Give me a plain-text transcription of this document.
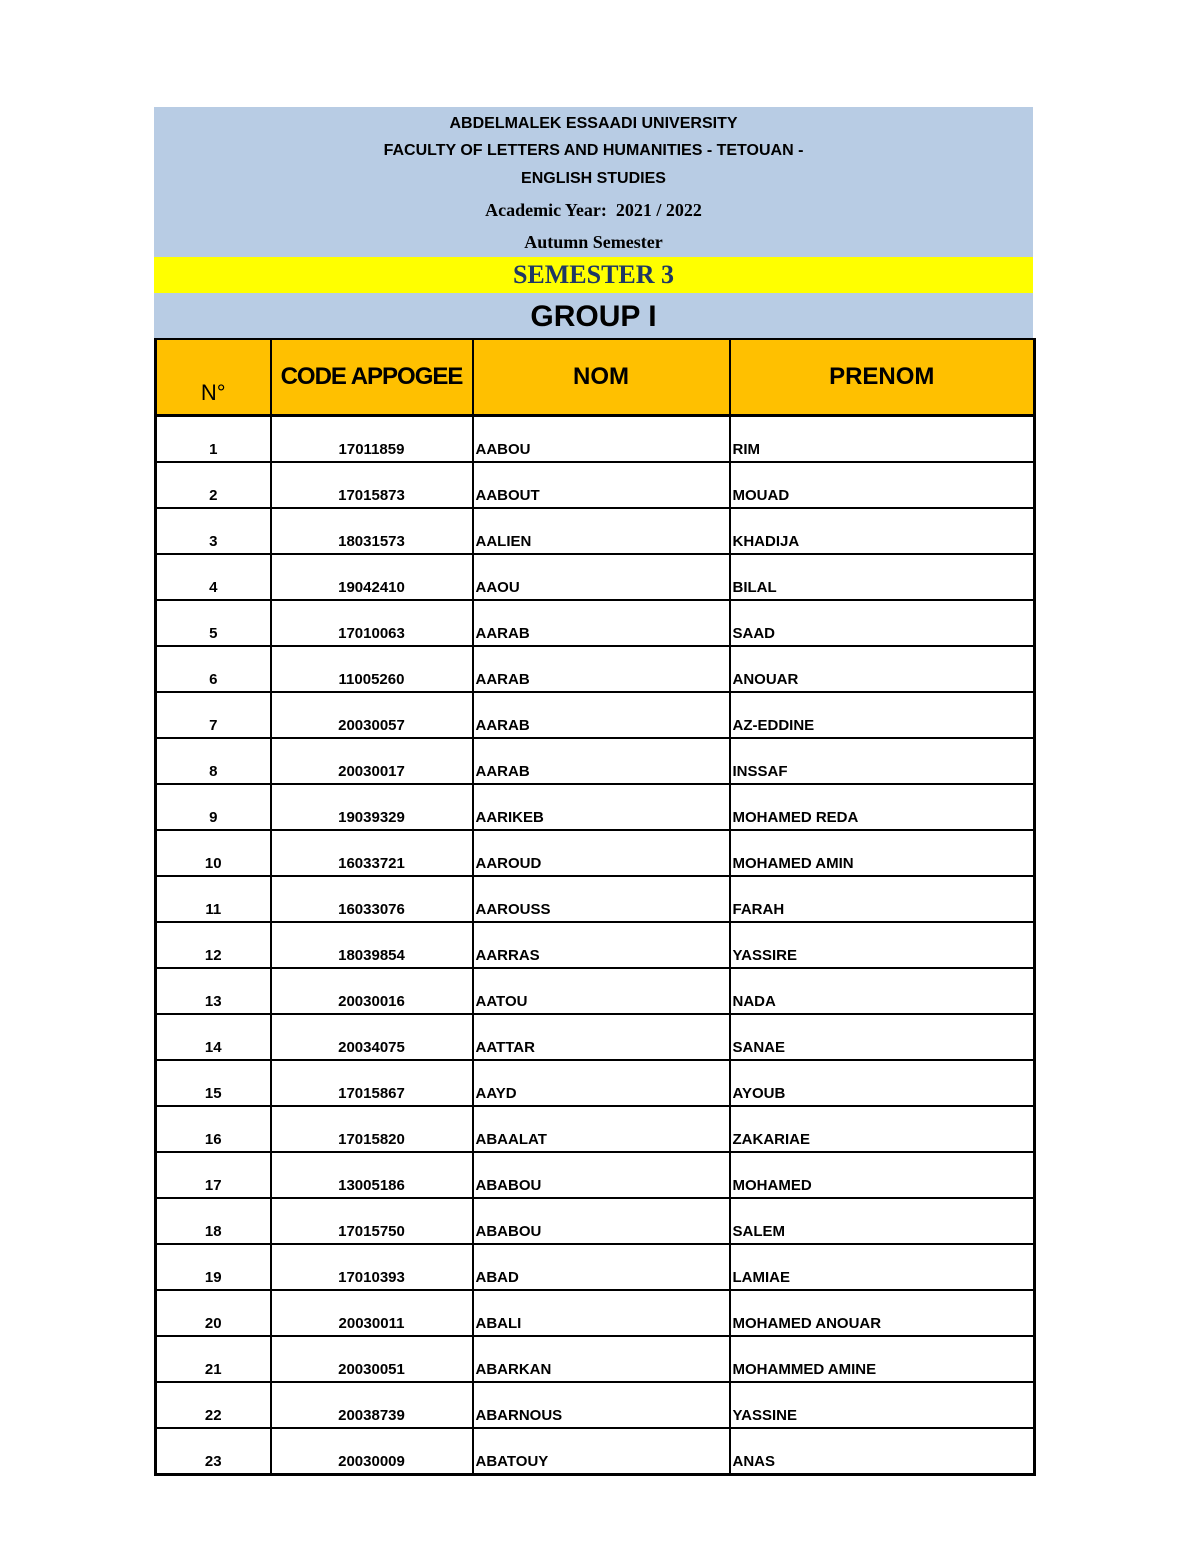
ABDELMALEK ESSAADI UNIVERSITY
FACULTY OF LETTERS AND HUMANITIES - TETOUAN -
ENGLISH STUDIES
Academic Year:  2021 / 2022
Autumn Semester
SEMESTER 3
GROUP I
N°	CODE APPOGEE	NOM	PRENOM
1	17011859	AABOU	RIM
2	17015873	AABOUT	MOUAD
3	18031573	AALIEN	KHADIJA
4	19042410	AAOU	BILAL
5	17010063	AARAB	SAAD
6	11005260	AARAB	ANOUAR
7	20030057	AARAB	AZ-EDDINE
8	20030017	AARAB	INSSAF
9	19039329	AARIKEB	MOHAMED REDA
10	16033721	AAROUD	MOHAMED AMIN
11	16033076	AAROUSS	FARAH
12	18039854	AARRAS	YASSIRE
13	20030016	AATOU	NADA
14	20034075	AATTAR	SANAE
15	17015867	AAYD	AYOUB
16	17015820	ABAALAT	ZAKARIAE
17	13005186	ABABOU	MOHAMED
18	17015750	ABABOU	SALEM
19	17010393	ABAD	LAMIAE
20	20030011	ABALI	MOHAMED ANOUAR
21	20030051	ABARKAN	MOHAMMED AMINE
22	20038739	ABARNOUS	YASSINE
23	20030009	ABATOUY	ANAS
